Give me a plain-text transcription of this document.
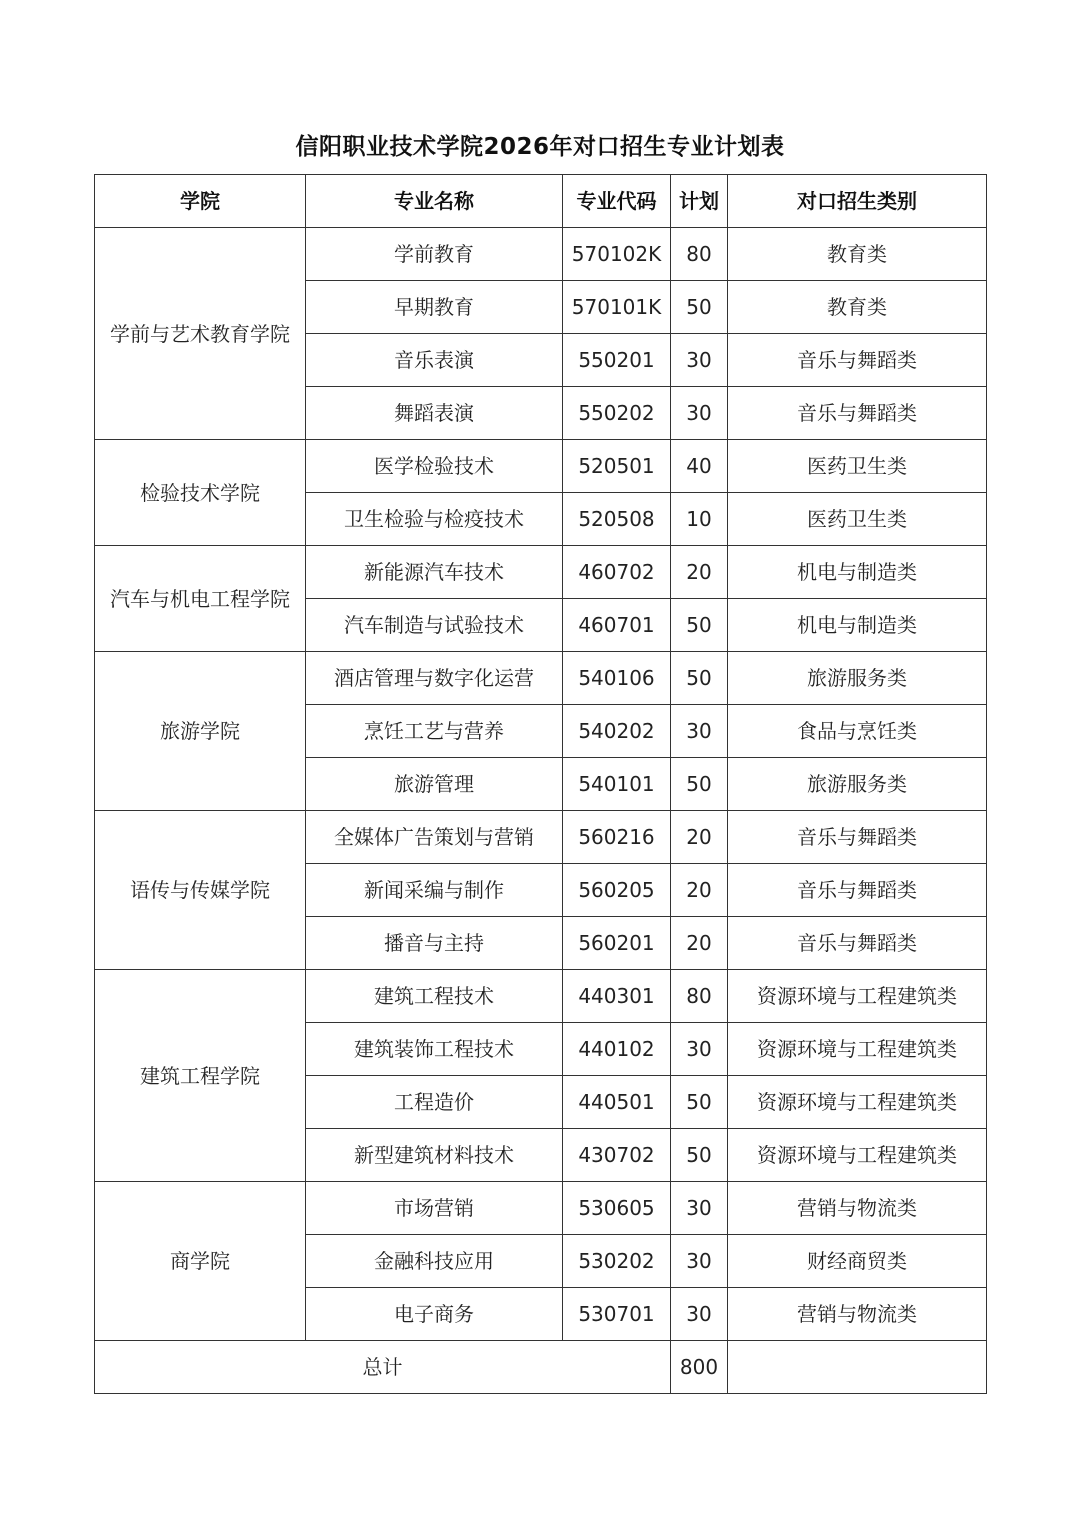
信阳职业技术学院2026年对口招生专业计划表
学院	专业名称	专业代码	计划	对口招生类别
学前与艺术教育学院	学前教育	570102K	80	教育类
	早期教育	570101K	50	教育类
	音乐表演	550201	30	音乐与舞蹈类
	舞蹈表演	550202	30	音乐与舞蹈类
检验技术学院	医学检验技术	520501	40	医药卫生类
	卫生检验与检疫技术	520508	10	医药卫生类
汽车与机电工程学院	新能源汽车技术	460702	20	机电与制造类
	汽车制造与试验技术	460701	50	机电与制造类
旅游学院	酒店管理与数字化运营	540106	50	旅游服务类
	烹饪工艺与营养	540202	30	食品与烹饪类
	旅游管理	540101	50	旅游服务类
语传与传媒学院	全媒体广告策划与营销	560216	20	音乐与舞蹈类
	新闻采编与制作	560205	20	音乐与舞蹈类
	播音与主持	560201	20	音乐与舞蹈类
建筑工程学院	建筑工程技术	440301	80	资源环境与工程建筑类
	建筑装饰工程技术	440102	30	资源环境与工程建筑类
	工程造价	440501	50	资源环境与工程建筑类
	新型建筑材料技术	430702	50	资源环境与工程建筑类
商学院	市场营销	530605	30	营销与物流类
	金融科技应用	530202	30	财经商贸类
	电子商务	530701	30	营销与物流类
总计			800	
